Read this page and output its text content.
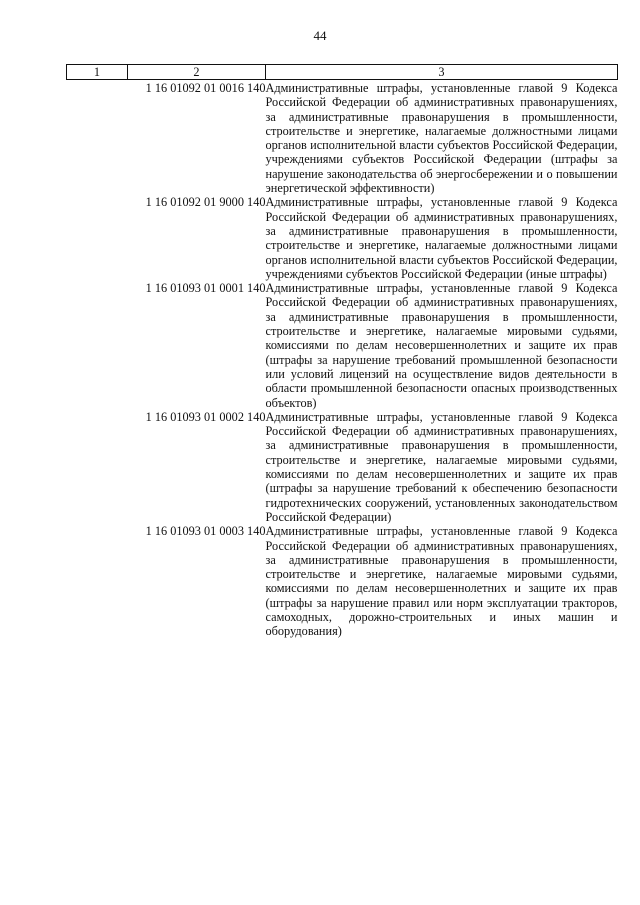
44
1	2	3

	1 16 01092 01 0016 140	Административные штрафы, установленные главой 9 Кодекса Российской Федерации об административных правонарушениях, за административные правонарушения в промышленности, строительстве и энергетике, налагаемые должностными лицами органов исполнительной власти субъектов Российской Федерации, учреждениями субъектов Российской Федерации (штрафы за нарушение законодательства об энергосбережении и о повышении энергетической эффективности)
	1 16 01092 01 9000 140	Административные штрафы, установленные главой 9 Кодекса Российской Федерации об административных правонарушениях, за административные правонарушения в промышленности, строительстве и энергетике, налагаемые должностными лицами органов исполнительной власти субъектов Российской Федерации, учреждениями субъектов Российской Федерации (иные штрафы)
	1 16 01093 01 0001 140	Административные штрафы, установленные главой 9 Кодекса Российской Федерации об административных правонарушениях, за административные правонарушения в промышленности, строительстве и энергетике, налагаемые мировыми судьями, комиссиями по делам несовершеннолетних и защите их прав (штрафы за нарушение требований промышленной безопасности или условий лицензий на осуществление видов деятельности в области промышленной безопасности опасных производственных объектов)
	1 16 01093 01 0002 140	Административные штрафы, установленные главой 9 Кодекса Российской Федерации об административных правонарушениях, за административные правонарушения в промышленности, строительстве и энергетике, налагаемые мировыми судьями, комиссиями по делам несовершеннолетних и защите их прав (штрафы за нарушение требований к обеспечению безопасности гидротехнических сооружений, установленных законодательством Российской Федерации)
	1 16 01093 01 0003 140	Административные штрафы, установленные главой 9 Кодекса Российской Федерации об административных правонарушениях, за административные правонарушения в промышленности, строительстве и энергетике, налагаемые мировыми судьями, комиссиями по делам несовершеннолетних и защите их прав (штрафы за нарушение правил или норм эксплуатации тракторов, самоходных, дорожно-строительных и иных машин и оборудования)
